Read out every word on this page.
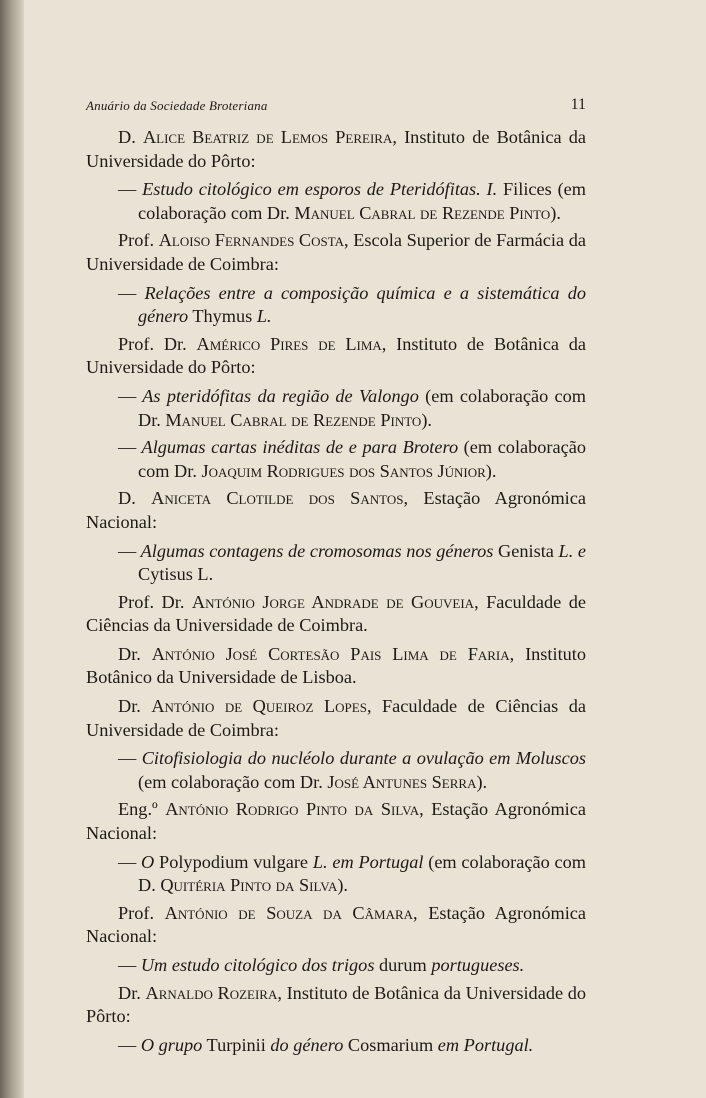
Anuário da Sociedade Broteriana	11

D. Alice Beatriz de Lemos Pereira, Instituto de Botânica da Universidade do Pôrto:

— Estudo citológico em esporos de Pteridófitas. I. Filices (em colaboração com Dr. Manuel Cabral de Rezende Pinto).

Prof. Aloiso Fernandes Costa, Escola Superior de Farmácia da Universidade de Coimbra:

— Relações entre a composição química e a sistemática do género Thymus L.

Prof. Dr. Américo Pires de Lima, Instituto de Botânica da Universidade do Pôrto:

— As pteridófitas da região de Valongo (em colaboração com Dr. Manuel Cabral de Rezende Pinto).

— Algumas cartas inéditas de e para Brotero (em colaboração com Dr. Joaquim Rodrigues dos Santos Júnior).

D. Aniceta Clotilde dos Santos, Estação Agronómica Nacional:

— Algumas contagens de cromosomas nos géneros Genista L. e Cytisus L.

Prof. Dr. António Jorge Andrade de Gouveia, Faculdade de Ciências da Universidade de Coimbra.

Dr. António José Cortesão Pais Lima de Faria, Instituto Botânico da Universidade de Lisboa.

Dr. António de Queiroz Lopes, Faculdade de Ciências da Universidade de Coimbra:

— Citofisiologia do nucléolo durante a ovulação em Moluscos (em colaboração com Dr. José Antunes Serra).

Eng.º António Rodrigo Pinto da Silva, Estação Agronómica Nacional:

— O Polypodium vulgare L. em Portugal (em colaboração com D. Quitéria Pinto da Silva).

Prof. António de Souza da Câmara, Estação Agronómica Nacional:

— Um estudo citológico dos trigos durum portugueses.

Dr. Arnaldo Rozeira, Instituto de Botânica da Universidade do Pôrto:

— O grupo Turpinii do género Cosmarium em Portugal.
